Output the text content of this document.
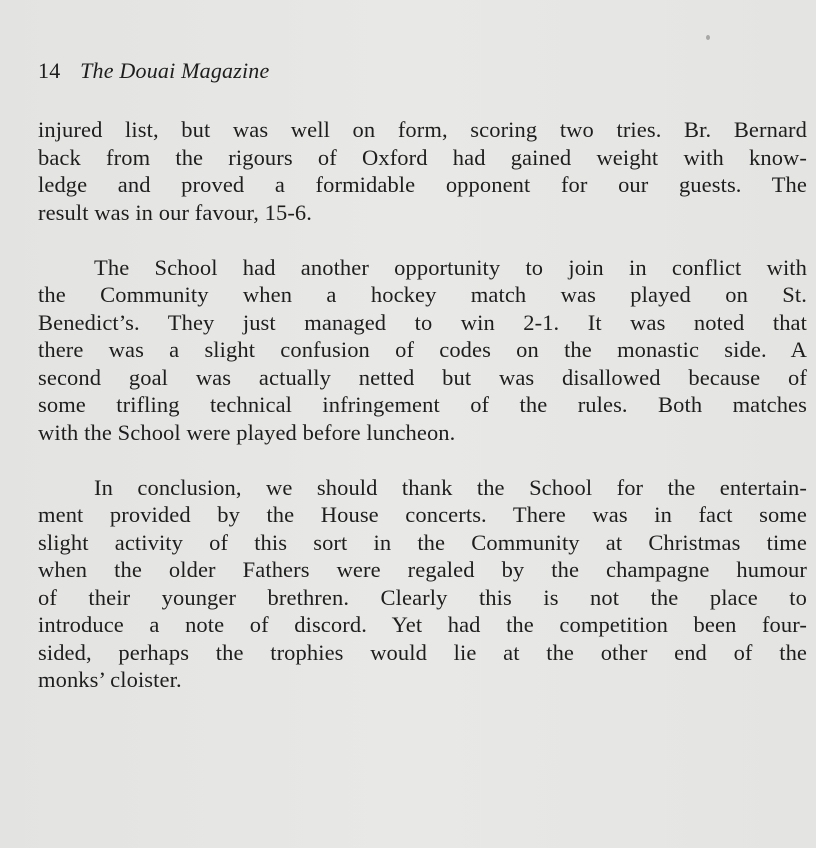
14 The Douai Magazine

injured list, but was well on form, scoring two tries. Br. Bernard
back from the rigours of Oxford had gained weight with know-
ledge and proved a formidable opponent for our guests. The
result was in our favour, 15-6.

The School had another opportunity to join in conflict with
the Community when a hockey match was played on St.
Benedict’s. They just managed to win 2-1. It was noted that
there was a slight confusion of codes on the monastic side. A
second goal was actually netted but was disallowed because of
some trifling technical infringement of the rules. Both matches
with the School were played before luncheon.

In conclusion, we should thank the School for the entertain-
ment provided by the House concerts. There was in fact some
slight activity of this sort in the Community at Christmas time
when the older Fathers were regaled by the champagne humour
of their younger brethren. Clearly this is not the place to
introduce a note of discord. Yet had the competition been four-
sided, perhaps the trophies would lie at the other end of the
monks’ cloister.
